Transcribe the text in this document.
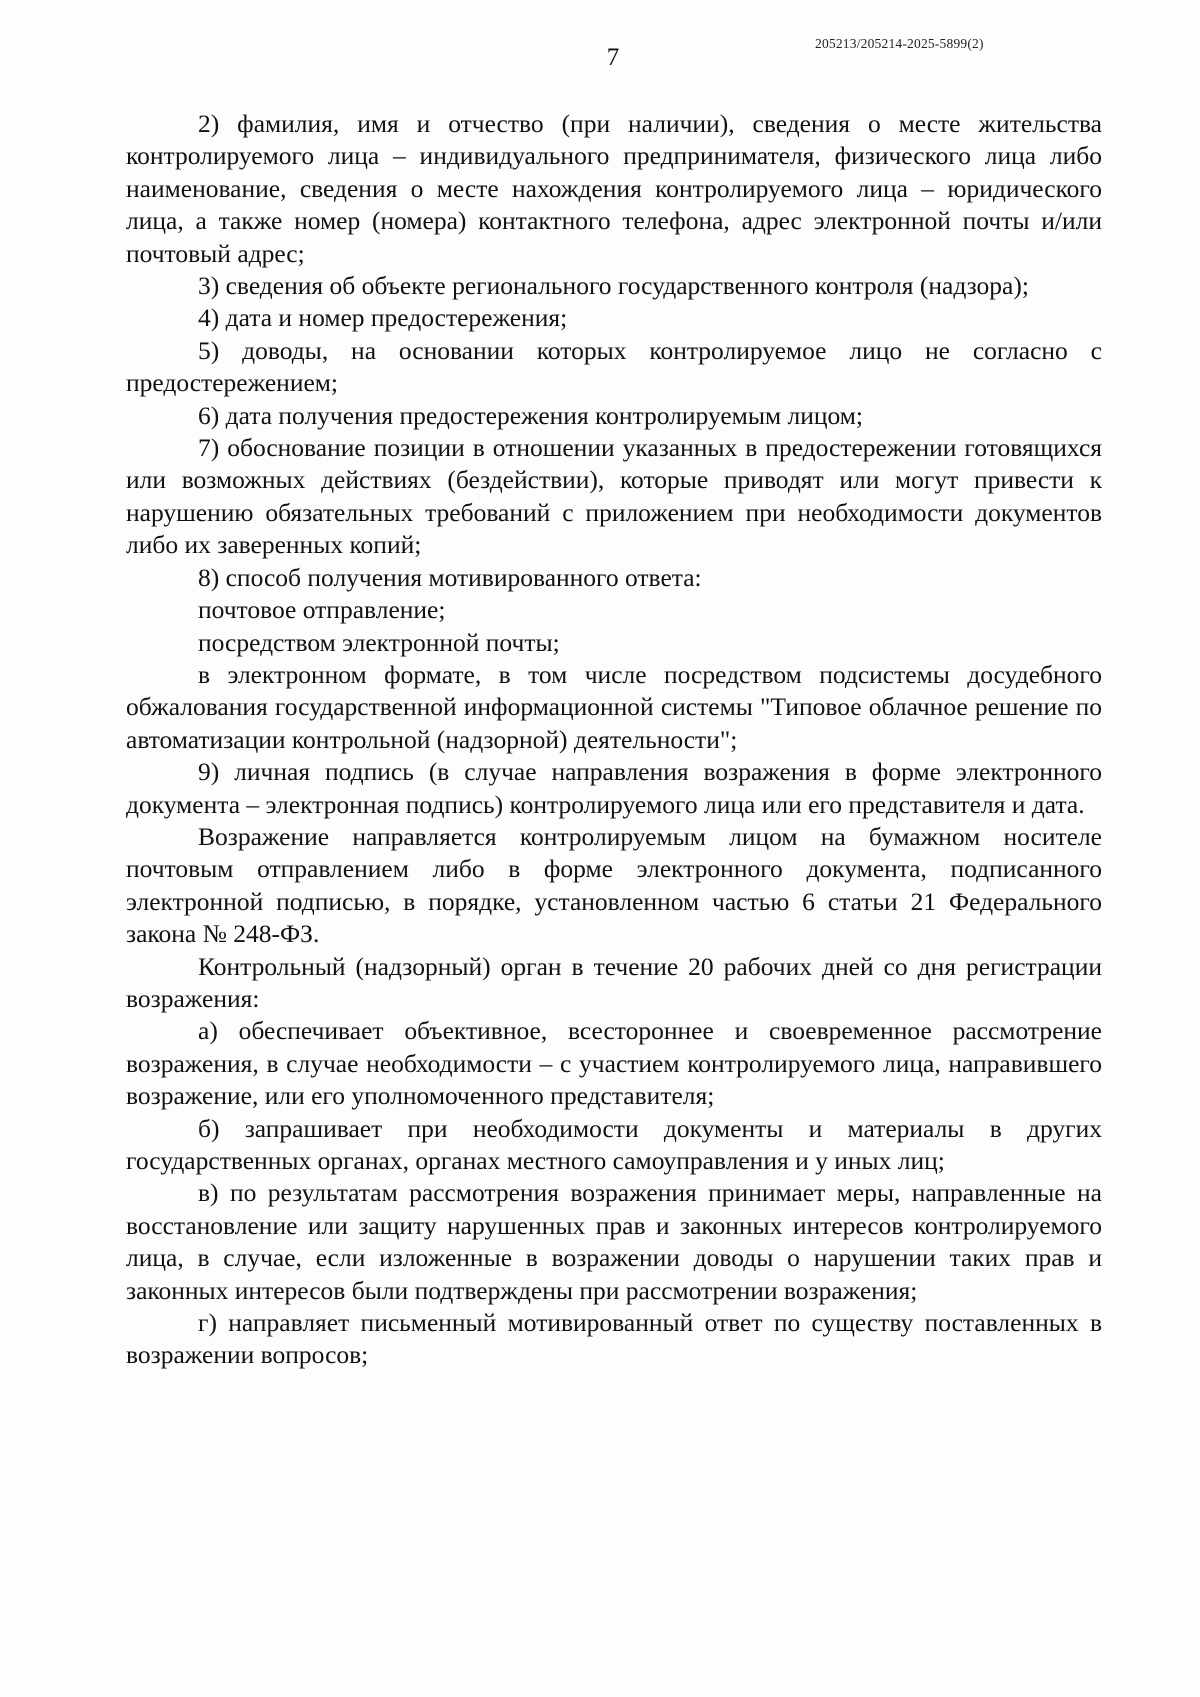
205213/205214-2025-5899(2)
7

2) фамилия, имя и отчество (при наличии), сведения о месте жительства контролируемого лица – индивидуального предпринимателя, физического лица либо наименование, сведения о месте нахождения контролируемого лица – юридического лица, а также номер (номера) контактного телефона, адрес электронной почты и/или почтовый адрес;

3) сведения об объекте регионального государственного контроля (надзора);

4) дата и номер предостережения;

5) доводы, на основании которых контролируемое лицо не согласно с предостережением;

6) дата получения предостережения контролируемым лицом;

7) обоснование позиции в отношении указанных в предостережении готовящихся или возможных действиях (бездействии), которые приводят или могут привести к нарушению обязательных требований с приложением при необходимости документов либо их заверенных копий;

8) способ получения мотивированного ответа:

почтовое отправление;

посредством электронной почты;

в электронном формате, в том числе посредством подсистемы досудебного обжалования государственной информационной системы "Типовое облачное решение по автоматизации контрольной (надзорной) деятельности";

9) личная подпись (в случае направления возражения в форме электронного документа – электронная подпись) контролируемого лица или его представителя и дата.

Возражение направляется контролируемым лицом на бумажном носителе почтовым отправлением либо в форме электронного документа, подписанного электронной подписью, в порядке, установленном частью 6 статьи 21 Федерального закона № 248-ФЗ.

Контрольный (надзорный) орган в течение 20 рабочих дней со дня регистрации возражения:

а) обеспечивает объективное, всестороннее и своевременное рассмотрение возражения, в случае необходимости – с участием контролируемого лица, направившего возражение, или его уполномоченного представителя;

б) запрашивает при необходимости документы и материалы в других государственных органах, органах местного самоуправления и у иных лиц;

в) по результатам рассмотрения возражения принимает меры, направленные на восстановление или защиту нарушенных прав и законных интересов контролируемого лица, в случае, если изложенные в возражении доводы о нарушении таких прав и законных интересов были подтверждены при рассмотрении возражения;

г) направляет письменный мотивированный ответ по существу поставленных в возражении вопросов;
